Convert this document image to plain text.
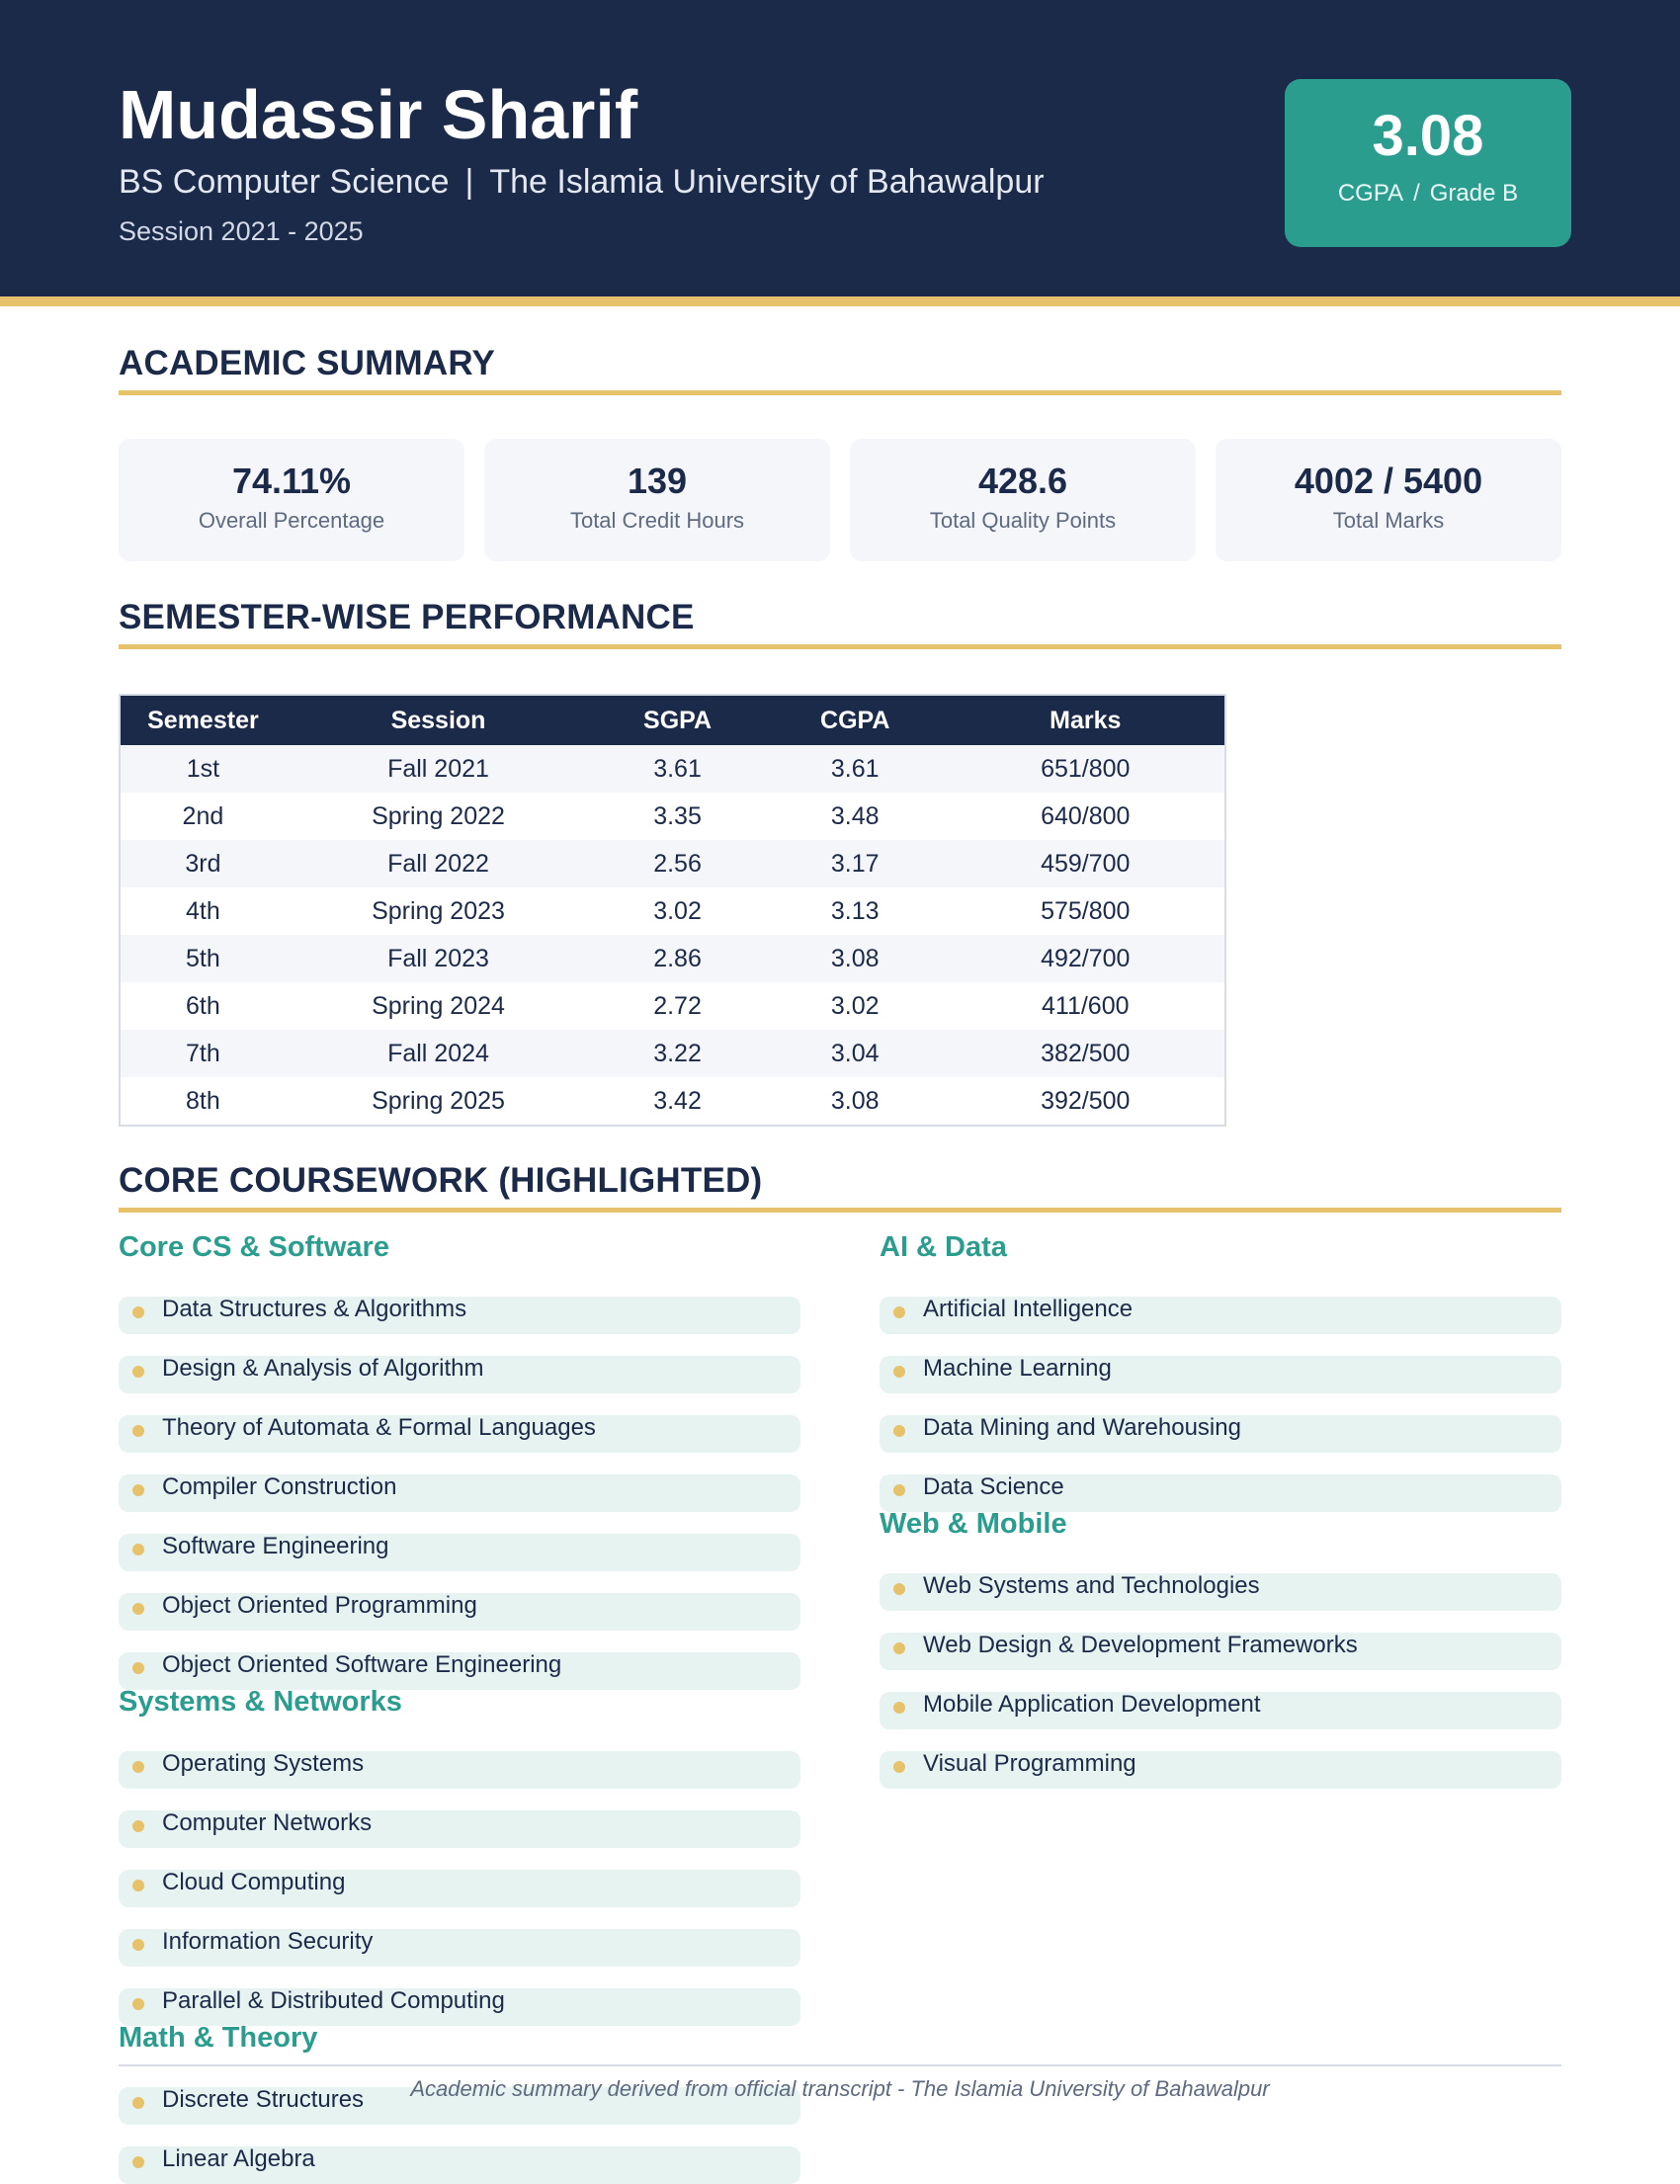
Mudassir Sharif
BS Computer Science | The Islamia University of Bahawalpur
Session 2021 - 2025
3.08
CGPA / Grade B
ACADEMIC SUMMARY
74.11%
Overall Percentage
139
Total Credit Hours
428.6
Total Quality Points
4002 / 5400
Total Marks
SEMESTER-WISE PERFORMANCE
Semester	Session	SGPA	CGPA	Marks
1st	Fall 2021	3.61	3.61	651/800
2nd	Spring 2022	3.35	3.48	640/800
3rd	Fall 2022	2.56	3.17	459/700
4th	Spring 2023	3.02	3.13	575/800
5th	Fall 2023	2.86	3.08	492/700
6th	Spring 2024	2.72	3.02	411/600
7th	Fall 2024	3.22	3.04	382/500
8th	Spring 2025	3.42	3.08	392/500
CORE COURSEWORK (HIGHLIGHTED)
Core CS & Software
Data Structures & Algorithms
Design & Analysis of Algorithm
Theory of Automata & Formal Languages
Compiler Construction
Software Engineering
Object Oriented Programming
Object Oriented Software Engineering
Systems & Networks
Operating Systems
Computer Networks
Cloud Computing
Information Security
Parallel & Distributed Computing
Math & Theory
Discrete Structures
Linear Algebra
AI & Data
Artificial Intelligence
Machine Learning
Data Mining and Warehousing
Data Science
Web & Mobile
Web Systems and Technologies
Web Design & Development Frameworks
Mobile Application Development
Visual Programming
Academic summary derived from official transcript - The Islamia University of Bahawalpur
